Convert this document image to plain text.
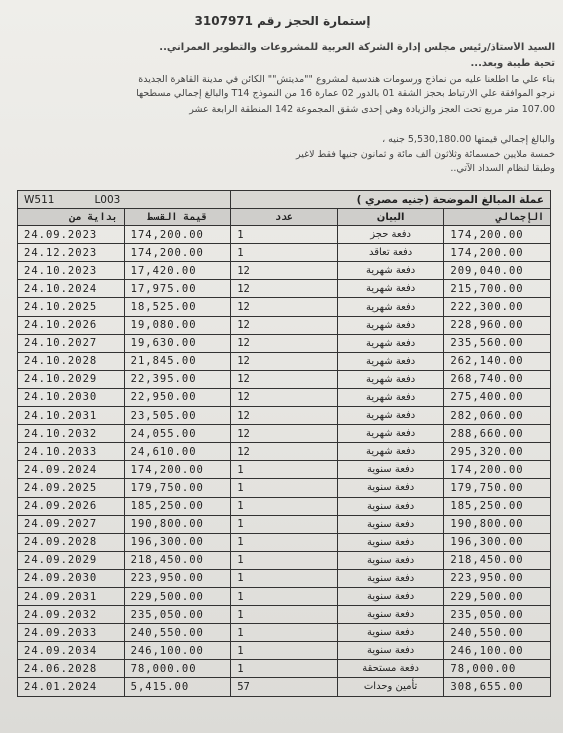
إستمارة الحجز رقم 3107971
السيد الأستاذ/رئيس مجلس إدارة الشركة العربية للمشروعات والتطوير العمراني..
تحية طيبة وبعد...
بناء علي ما اطلعنا عليه من نماذج ورسومات هندسية لمشروع ""مديتش"" الكائن في مدينة القاهرة الجديدة
نرجو الموافقة علي الارتباط بحجز الشقة 01 بالدور 02 عمارة 16 من النموذج T14 والبالغ إجمالي مسطحها
107.00 متر مربع تحت العجز والزيادة وهي إحدى شقق المجموعة 142 المنطقة الرابعة عشر
والبالغ إجمالي قيمتها 5,530,180.00 جنيه ،
خمسة ملايين خمسمائة وثلاثون ألف مائة و ثمانون جنيها فقط لاغير
وطبقا لنظام السداد الآتي..
عملة المبالغ الموضحة (جنيه مصري )			W511 L003	

الإجمالي	البيان	عدد	قيمة القسط	بداية من
174,200.00	دفعة حجز	1	174,200.00	24.09.2023
174,200.00	دفعة تعاقد	1	174,200.00	24.12.2023
209,040.00	دفعة شهرية	12	17,420.00	24.10.2023
215,700.00	دفعة شهرية	12	17,975.00	24.10.2024
222,300.00	دفعة شهرية	12	18,525.00	24.10.2025
228,960.00	دفعة شهرية	12	19,080.00	24.10.2026
235,560.00	دفعة شهرية	12	19,630.00	24.10.2027
262,140.00	دفعة شهرية	12	21,845.00	24.10.2028
268,740.00	دفعة شهرية	12	22,395.00	24.10.2029
275,400.00	دفعة شهرية	12	22,950.00	24.10.2030
282,060.00	دفعة شهرية	12	23,505.00	24.10.2031
288,660.00	دفعة شهرية	12	24,055.00	24.10.2032
295,320.00	دفعة شهرية	12	24,610.00	24.10.2033
174,200.00	دفعة سنوية	1	174,200.00	24.09.2024
179,750.00	دفعة سنوية	1	179,750.00	24.09.2025
185,250.00	دفعة سنوية	1	185,250.00	24.09.2026
190,800.00	دفعة سنوية	1	190,800.00	24.09.2027
196,300.00	دفعة سنوية	1	196,300.00	24.09.2028
218,450.00	دفعة سنوية	1	218,450.00	24.09.2029
223,950.00	دفعة سنوية	1	223,950.00	24.09.2030
229,500.00	دفعة سنوية	1	229,500.00	24.09.2031
235,050.00	دفعة سنوية	1	235,050.00	24.09.2032
240,550.00	دفعة سنوية	1	240,550.00	24.09.2033
246,100.00	دفعة سنوية	1	246,100.00	24.09.2034
78,000.00	دفعة مستحقة	1	78,000.00	24.06.2028
308,655.00	تأمين وحدات	57	5,415.00	24.01.2024
